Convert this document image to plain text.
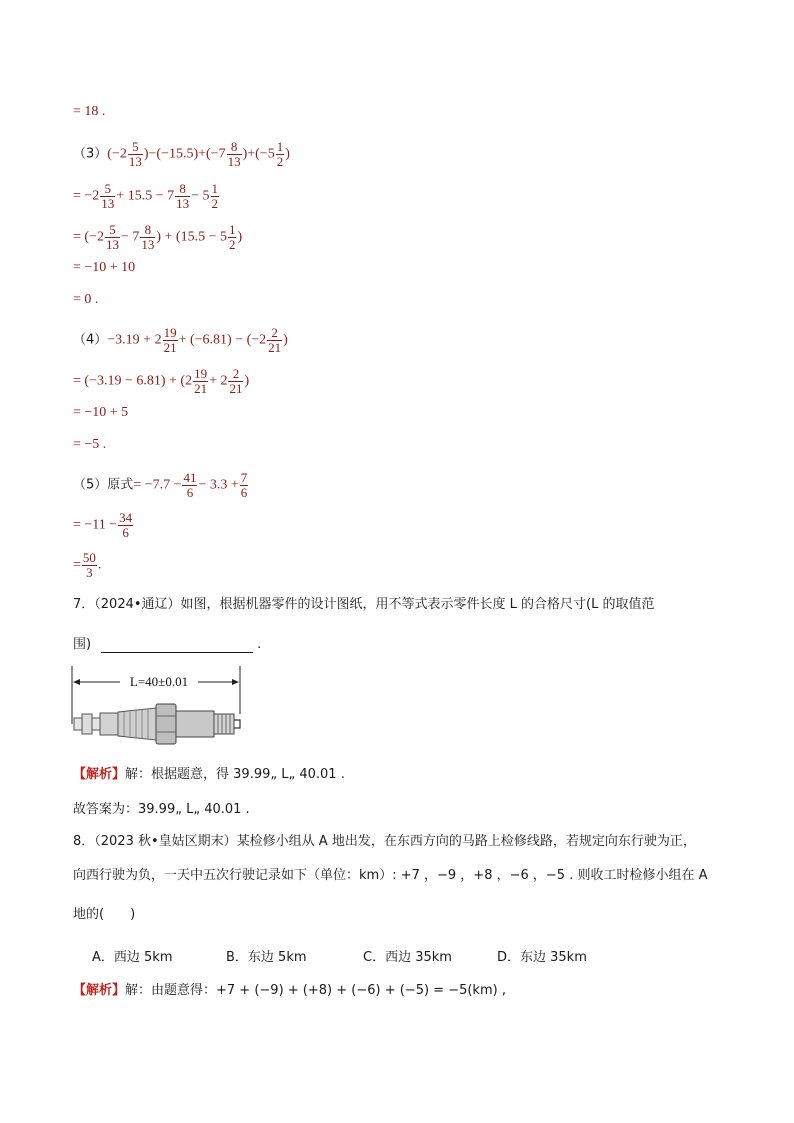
= 18 .
$(3)(-2 \frac{5}{13} )-(-15.5)+(-7 \frac{8}{13} )+(-5 \frac{1}{2}$ )
= $-2 \frac{5}{13} + 15.5 - 7 \frac{8}{13} - 5 \frac{1}{2}$
= ($-2 \frac{5}{13} - 7 \frac{8}{13}$ ) + ($15.5 - 5 \frac{1}{2}$ )
= −10 + 10
= 0 .
$(4)-3.19 + 2 \frac{19}{21} + (-6.81) - (-2 \frac{2}{21}$ )
= $(-3.19 - 6.81) + (2 \frac{19}{21} + 2 \frac{2}{21}$ )
= −10 + 5
= −5 .
（5）原式= $-7.7 - \frac{41}{6} - 3.3 + \frac{7}{6}$
= $-11 - \frac{34}{6}$
= $\frac{50}{3}$ .
7．（2024•通辽）如图，根据机器零件的设计图纸，用不等式表示零件长度 L 的合格尺寸(L 的取值范
围)	.
L=40±0.01
【解析】解：根据题意，得 39.99„ L„ 40.01 .
故答案为：39.99„ L„ 40.01 .
8．（2023 秋•皇姑区期末）某检修小组从 A 地出发，在东西方向的马路上检修线路，若规定向东行驶为正，
向西行驶为负，一天中五次行驶记录如下（单位：km）: +7 ，−9 ，+8 ，−6 ，−5 . 则收工时检修小组在 A
地的(　　)
A．西边 5km	B．东边 5km	C．西边 35km	D．东边 35km
【解析】解：由题意得：+7 + (−9) + (+8) + (−6) + (−5) = −5(km) ,
